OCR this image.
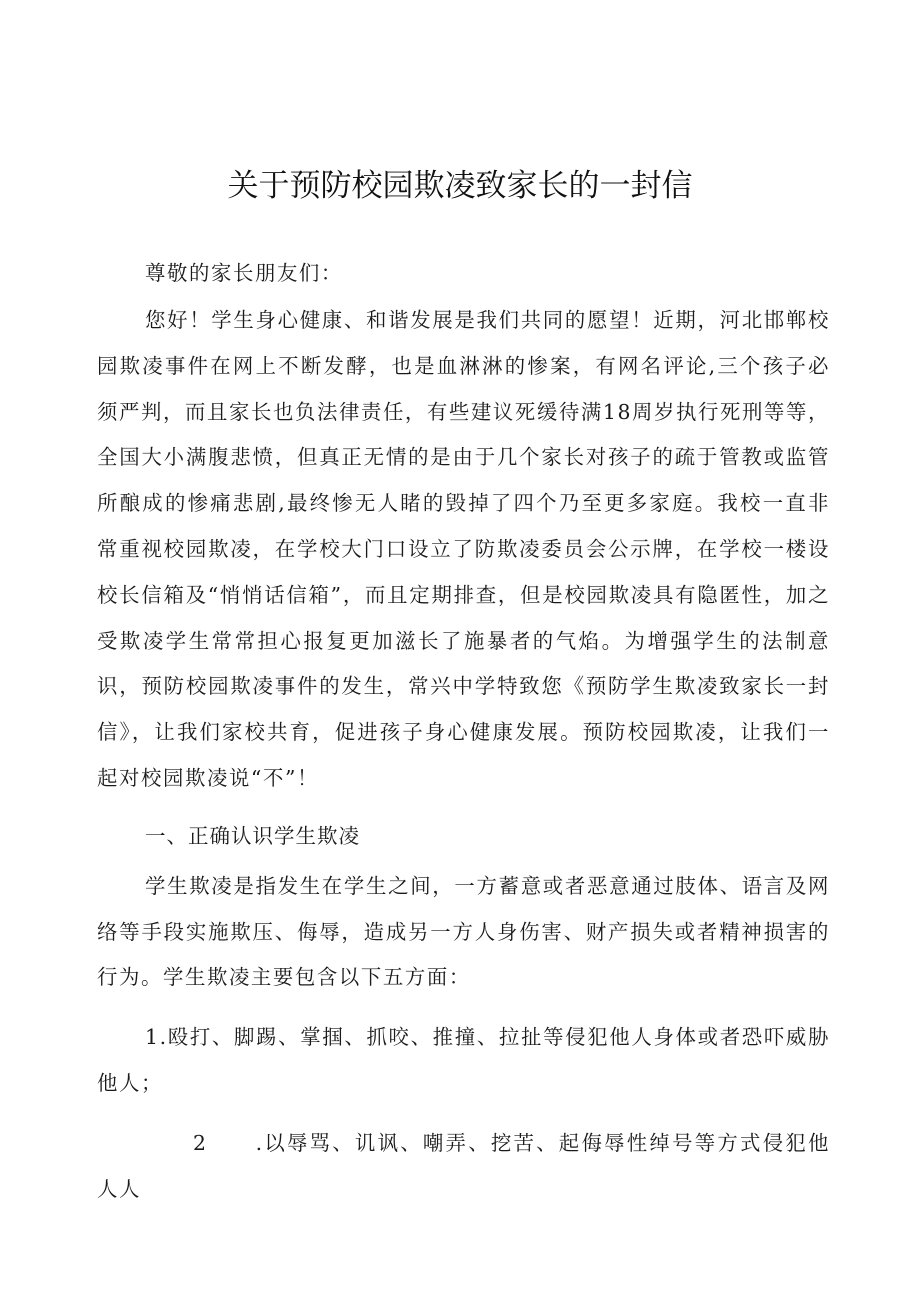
关于预防校园欺凌致家长的一封信

尊敬的家长朋友们：

您好！学生身心健康、和谐发展是我们共同的愿望！近期，河北邯郸校园欺凌事件在网上不断发酵，也是血淋淋的惨案，有网名评论,三个孩子必须严判，而且家长也负法律责任，有些建议死缓待满18周岁执行死刑等等，全国大小满腹悲愤，但真正无情的是由于几个家长对孩子的疏于管教或监管所酿成的惨痛悲剧,最终惨无人睹的毁掉了四个乃至更多家庭。我校一直非常重视校园欺凌，在学校大门口设立了防欺凌委员会公示牌，在学校一楼设校长信箱及“悄悄话信箱”，而且定期排查，但是校园欺凌具有隐匿性，加之受欺凌学生常常担心报复更加滋长了施暴者的气焰。为增强学生的法制意识，预防校园欺凌事件的发生，常兴中学特致您《预防学生欺凌致家长一封信》，让我们家校共育，促进孩子身心健康发展。预防校园欺凌，让我们一起对校园欺凌说“不”！

一、正确认识学生欺凌

学生欺凌是指发生在学生之间，一方蓄意或者恶意通过肢体、语言及网络等手段实施欺压、侮辱，造成另一方人身伤害、财产损失或者精神损害的行为。学生欺凌主要包含以下五方面：

1.殴打、脚踢、掌掴、抓咬、推撞、拉扯等侵犯他人身体或者恐吓威胁他人；

2 .以辱骂、讥讽、嘲弄、挖苦、起侮辱性绰号等方式侵犯他人人
